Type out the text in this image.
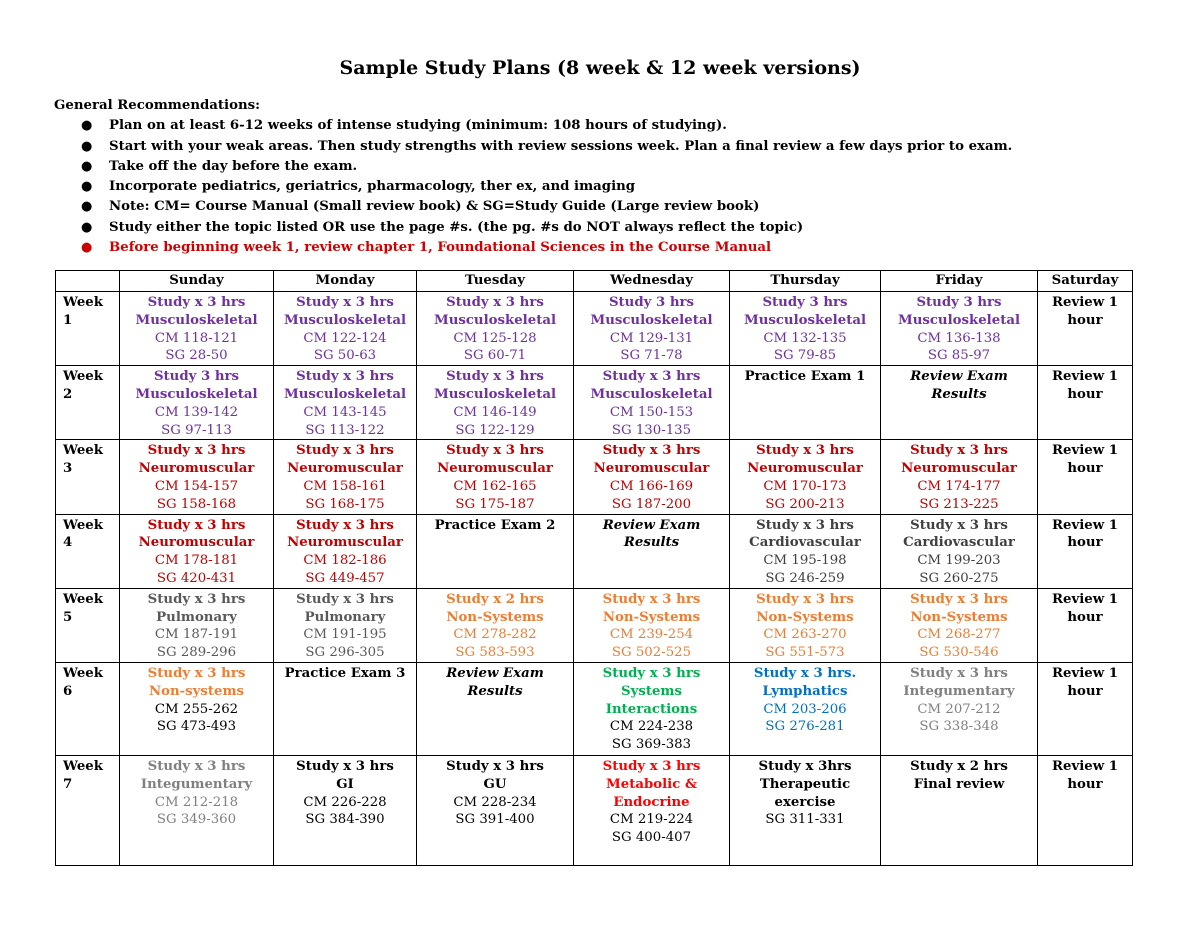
Sample Study Plans (8 week & 12 week versions)
General Recommendations:
● Plan on at least 6-12 weeks of intense studying (minimum: 108 hours of studying).
● Start with your weak areas. Then study strengths with review sessions week. Plan a final review a few days prior to exam.
● Take off the day before the exam.
● Incorporate pediatrics, geriatrics, pharmacology, ther ex, and imaging
● Note: CM= Course Manual (Small review book) & SG=Study Guide (Large review book)
● Study either the topic listed OR use the page #s. (the pg. #s do NOT always reflect the topic)
● Before beginning week 1, review chapter 1, Foundational Sciences in the Course Manual
	Sunday	Monday	Tuesday	Wednesday	Thursday	Friday	Saturday

Week
1	Study x 3 hrs
Musculoskeletal
CM 118-121
SG 28-50	Study x 3 hrs
Musculoskeletal
CM 122-124
SG 50-63	Study x 3 hrs
Musculoskeletal
CM 125-128
SG 60-71	Study 3 hrs
Musculoskeletal
CM 129-131
SG 71-78	Study 3 hrs
Musculoskeletal
CM 132-135
SG 79-85	Study 3 hrs
Musculoskeletal
CM 136-138
SG 85-97	Review 1
hour

Week
2	Study 3 hrs
Musculoskeletal
CM 139-142
SG 97-113	Study x 3 hrs
Musculoskeletal
CM 143-145
SG 113-122	Study x 3 hrs
Musculoskeletal
CM 146-149
SG 122-129	Study x 3 hrs
Musculoskeletal
CM 150-153
SG 130-135	Practice Exam 1	Review Exam
Results	Review 1
hour

Week
3	Study x 3 hrs
Neuromuscular
CM 154-157
SG 158-168	Study x 3 hrs
Neuromuscular
CM 158-161
SG 168-175	Study x 3 hrs
Neuromuscular
CM 162-165
SG 175-187	Study x 3 hrs
Neuromuscular
CM 166-169
SG 187-200	Study x 3 hrs
Neuromuscular
CM 170-173
SG 200-213	Study x 3 hrs
Neuromuscular
CM 174-177
SG 213-225	Review 1
hour

Week
4	Study x 3 hrs
Neuromuscular
CM 178-181
SG 420-431	Study x 3 hrs
Neuromuscular
CM 182-186
SG 449-457	Practice Exam 2	Review Exam
Results	Study x 3 hrs
Cardiovascular
CM 195-198
SG 246-259	Study x 3 hrs
Cardiovascular
CM 199-203
SG 260-275	Review 1
hour

Week
5	Study x 3 hrs
Pulmonary
CM 187-191
SG 289-296	Study x 3 hrs
Pulmonary
CM 191-195
SG 296-305	Study x 2 hrs
Non-Systems
CM 278-282
SG 583-593	Study x 3 hrs
Non-Systems
CM 239-254
SG 502-525	Study x 3 hrs
Non-Systems
CM 263-270
SG 551-573	Study x 3 hrs
Non-Systems
CM 268-277
SG 530-546	Review 1
hour

Week
6	Study x 3 hrs
Non-systems
CM 255-262
SG 473-493	Practice Exam 3	Review Exam
Results	Study x 3 hrs
Systems
Interactions
CM 224-238
SG 369-383	Study x 3 hrs.
Lymphatics
CM 203-206
SG 276-281	Study x 3 hrs
Integumentary
CM 207-212
SG 338-348	Review 1
hour

Week
7	Study x 3 hrs
Integumentary
CM 212-218
SG 349-360	Study x 3 hrs
GI
CM 226-228
SG 384-390	Study x 3 hrs
GU
CM 228-234
SG 391-400	Study x 3 hrs
Metabolic &
Endocrine
CM 219-224
SG 400-407	Study x 3hrs
Therapeutic
exercise
SG 311-331	Study x 2 hrs
Final review	Review 1
hour
